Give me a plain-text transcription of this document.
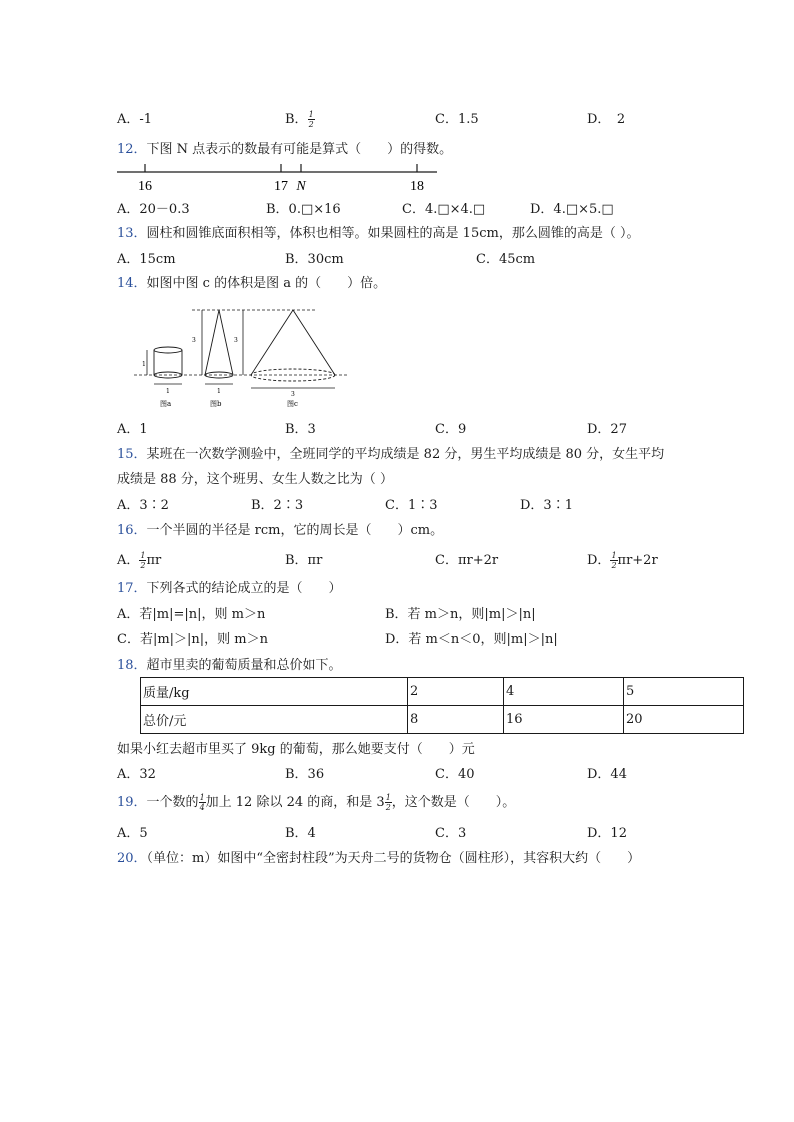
A．-1	B． $\frac{1}{2}$	C．1.5	D．　2
12．下图 N 点表示的数最有可能是算式（　　）的得数。
16	17 N	18
A．20－0.3	B．0.□×16	C．4.□×4.□	D．4.□×5.□
13．圆柱和圆锥底面积相等，体积也相等。如果圆柱的高是 15cm，那么圆锥的高是（ ）。
A．15cm	B．30cm	C．45cm
14．如图中图 c 的体积是图 a 的（　　）倍。
1
1
图a
3
1
图b
3
3
图c
A．1	B．3	C．9	D．27
15．某班在一次数学测验中，全班同学的平均成绩是 82 分，男生平均成绩是 80 分，女生平均
成绩是 88 分，这个班男、女生人数之比为（ ）
A．3∶2	B．2∶3	C．1∶3	D．3∶1
16．一个半圆的半径是 rcm，它的周长是（　　）cm。
A． $\frac{1}{2}$ πr	B．πr	C．πr+2r	D． $\frac{1}{2} \pi r+2r$
17．下列各式的结论成立的是（　　）
A．若|m|=|n|，则 m＞n	B．若 m＞n，则|m|＞|n|
C．若|m|＞|n|，则 m＞n	D．若 m＜n＜0，则|m|＞|n|
18．超市里卖的葡萄质量和总价如下。
质量/kg	2	4	5
总价/元	8	16	20
如果小红去超市里买了 9kg 的葡萄，那么她要支付（　　）元
A．32	B．36	C．40	D．44
19．一个数的 $\frac{1}{4}$ 加上 12 除以 24 的商，和是 $3 \frac{1}{2}$ ，这个数是（　　）。
A．5	B．4	C．3	D．12
20．（单位：m）如图中“全密封柱段”为天舟二号的货物仓（圆柱形），其容积大约（　　）
